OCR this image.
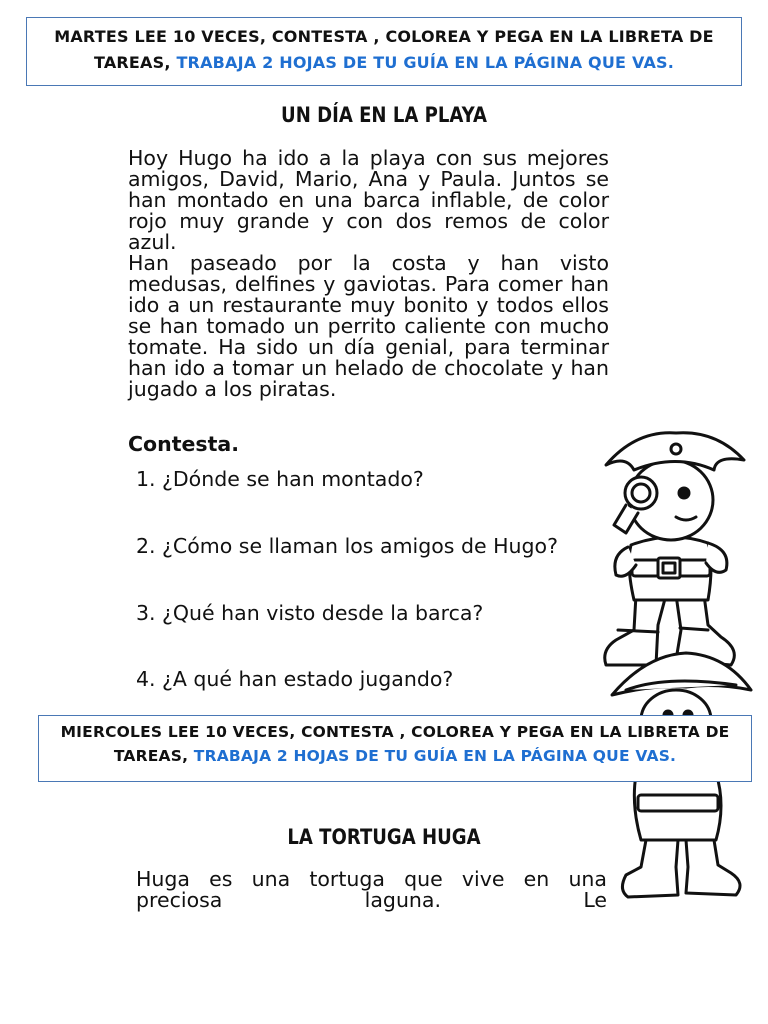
MARTES LEE 10 VECES, CONTESTA , COLOREA Y PEGA EN LA LIBRETA DE TAREAS, TRABAJA 2 HOJAS DE TU GUÍA EN LA PÁGINA QUE VAS.
UN DÍA EN LA PLAYA
Hoy Hugo ha ido a la playa con sus mejores amigos, David, Mario, Ana y Paula. Juntos se han montado en una barca inflable, de color rojo muy grande y con dos remos de color azul.
Han paseado por la costa y han visto medusas, delfines y gaviotas. Para comer han ido a un restaurante muy bonito y todos ellos se han tomado un perrito caliente con mucho tomate. Ha sido un día genial, para terminar han ido a tomar un helado de chocolate y han jugado a los piratas.
Contesta.
1. ¿Dónde se han montado?
2. ¿Cómo se llaman los amigos de Hugo?
3. ¿Qué han visto desde la barca?
4. ¿A qué han estado jugando?
MIERCOLES LEE 10 VECES, CONTESTA , COLOREA Y PEGA EN LA LIBRETA DE TAREAS, TRABAJA 2 HOJAS DE TU GUÍA EN LA PÁGINA QUE VAS.
LA TORTUGA HUGA
Huga es una tortuga que vive en una preciosa laguna. Le
